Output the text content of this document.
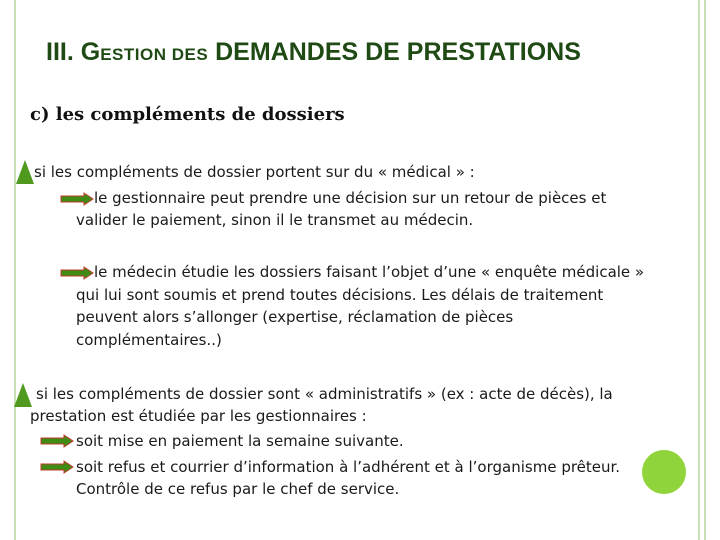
III. GESTION DES DEMANDES DE PRESTATIONS
c) les compléments de dossiers
si les compléments de dossier portent sur du « médical » :
le gestionnaire peut prendre une décision sur un retour de pièces et
valider le paiement, sinon il le transmet au médecin.
le médecin étudie les dossiers faisant l’objet d’une « enquête médicale »
qui lui sont soumis et prend toutes décisions. Les délais de traitement
peuvent alors s’allonger (expertise, réclamation de pièces
complémentaires..)
si les compléments de dossier sont « administratifs » (ex : acte de décès), la
prestation est étudiée par les gestionnaires :
soit mise en paiement la semaine suivante.
soit refus et courrier d’information à l’adhérent et à l’organisme prêteur.
Contrôle de ce refus par le chef de service.
